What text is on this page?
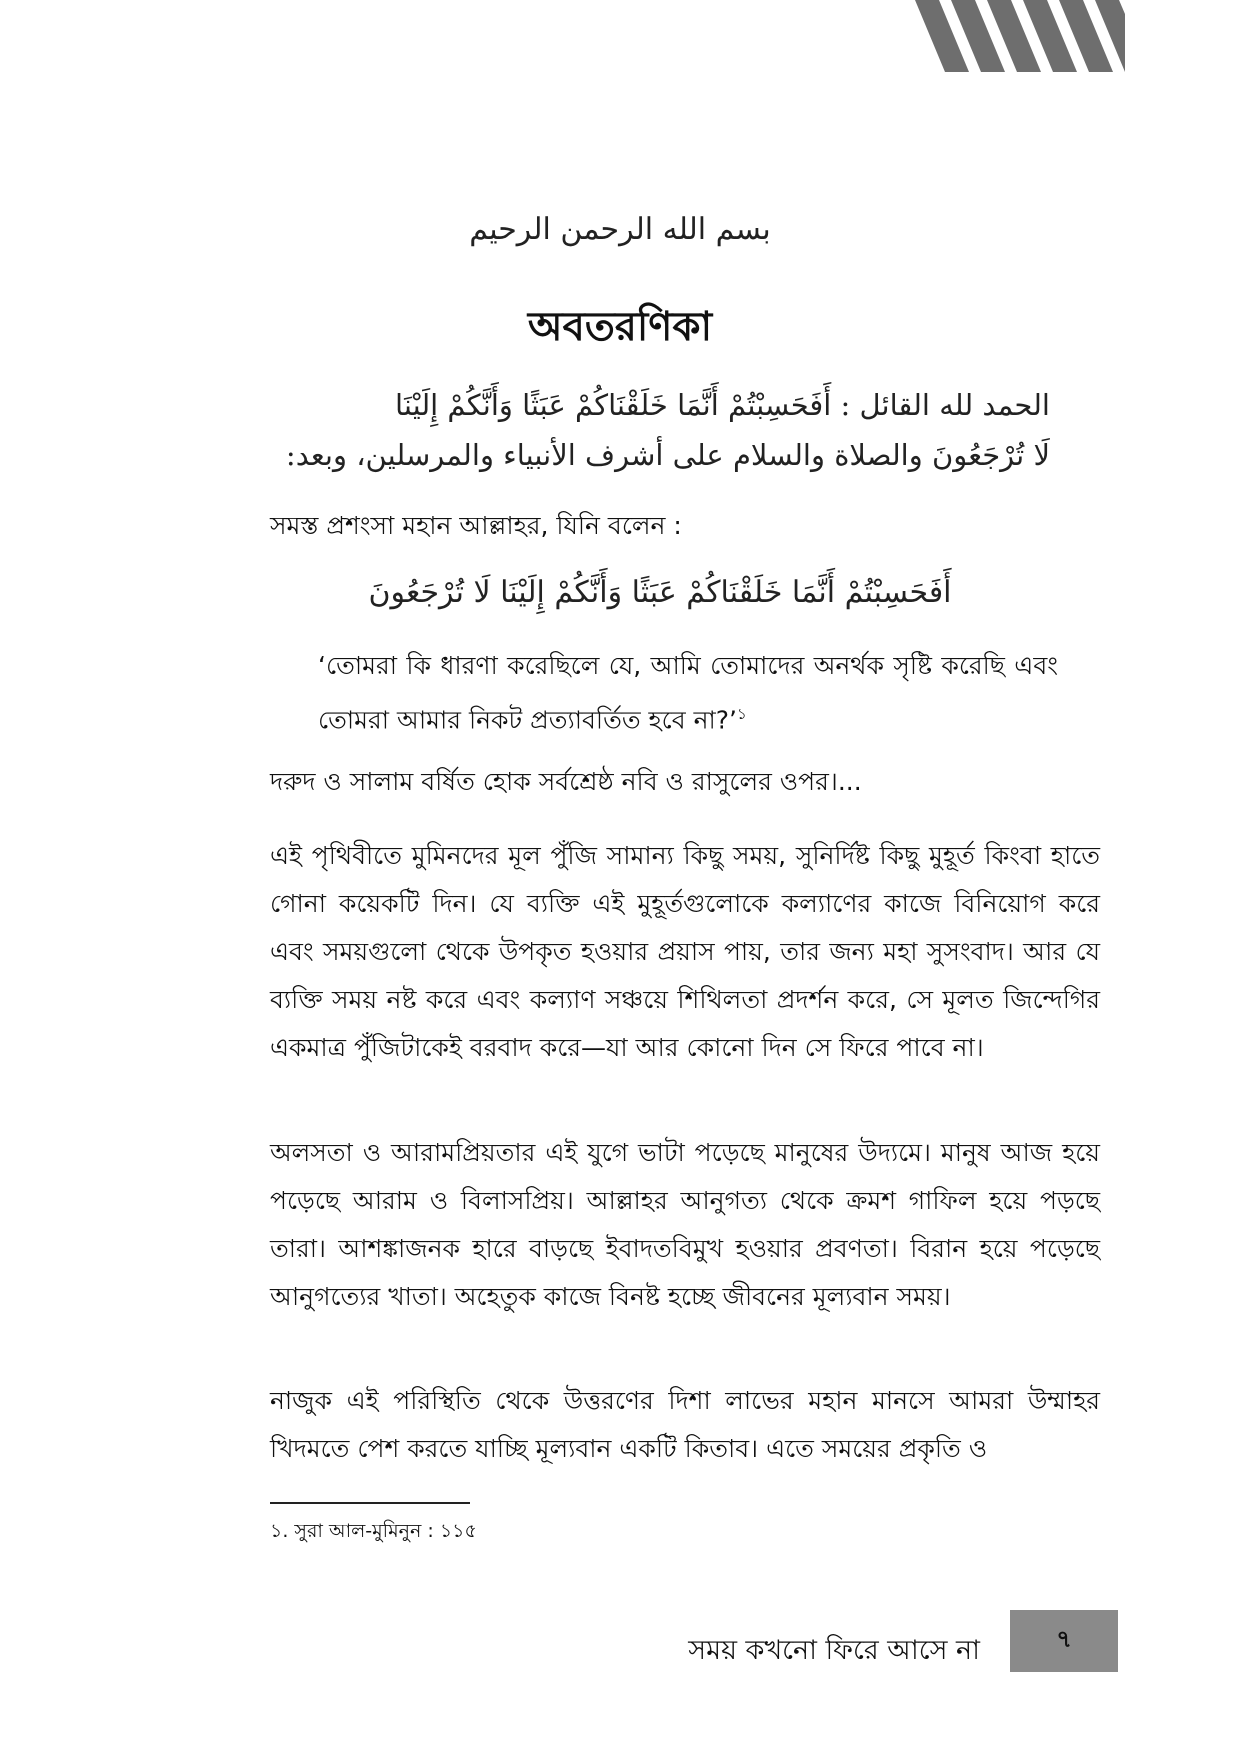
بسم الله الرحمن الرحيم
অবতরণিকা
الحمد لله القائل : أَفَحَسِبْتُمْ أَنَّمَا خَلَقْنَاكُمْ عَبَثًا وَأَنَّكُمْ إِلَيْنَا
لَا تُرْجَعُونَ والصلاة والسلام على أشرف الأنبياء والمرسلين، وبعد:

সমস্ত প্রশংসা মহান আল্লাহর, যিনি বলেন :

أَفَحَسِبْتُمْ أَنَّمَا خَلَقْنَاكُمْ عَبَثًا وَأَنَّكُمْ إِلَيْنَا لَا تُرْجَعُونَ

‘তোমরা কি ধারণা করেছিলে যে, আমি তোমাদের অনর্থক সৃষ্টি করেছি এবং তোমরা আমার নিকট প্রত্যাবর্তিত হবে না?’$^১$

দরুদ ও সালাম বর্ষিত হোক সর্বশ্রেষ্ঠ নবি ও রাসুলের ওপর।...

এই পৃথিবীতে মুমিনদের মূল পুঁজি সামান্য কিছু সময়, সুনির্দিষ্ট কিছু মুহূর্ত কিংবা হাতে গোনা কয়েকটি দিন। যে ব্যক্তি এই মুহূর্তগুলোকে কল্যাণের কাজে বিনিয়োগ করে এবং সময়গুলো থেকে উপকৃত হওয়ার প্রয়াস পায়, তার জন্য মহা সুসংবাদ। আর যে ব্যক্তি সময় নষ্ট করে এবং কল্যাণ সঞ্চয়ে শিথিলতা প্রদর্শন করে, সে মূলত জিন্দেগির একমাত্র পুঁজিটাকেই বরবাদ করে—যা আর কোনো দিন সে ফিরে পাবে না।

অলসতা ও আরামপ্রিয়তার এই যুগে ভাটা পড়েছে মানুষের উদ্যমে। মানুষ আজ হয়ে পড়েছে আরাম ও বিলাসপ্রিয়। আল্লাহর আনুগত্য থেকে ক্রমশ গাফিল হয়ে পড়ছে তারা। আশঙ্কাজনক হারে বাড়ছে ইবাদতবিমুখ হওয়ার প্রবণতা। বিরান হয়ে পড়েছে আনুগত্যের খাতা। অহেতুক কাজে বিনষ্ট হচ্ছে জীবনের মূল্যবান সময়।

নাজুক এই পরিস্থিতি থেকে উত্তরণের দিশা লাভের মহান মানসে আমরা উম্মাহর খিদমতে পেশ করতে যাচ্ছি মূল্যবান একটি কিতাব। এতে সময়ের প্রকৃতি ও

১. সুরা আল-মুমিনুন : ১১৫

সময় কখনো ফিরে আসে না	৭
